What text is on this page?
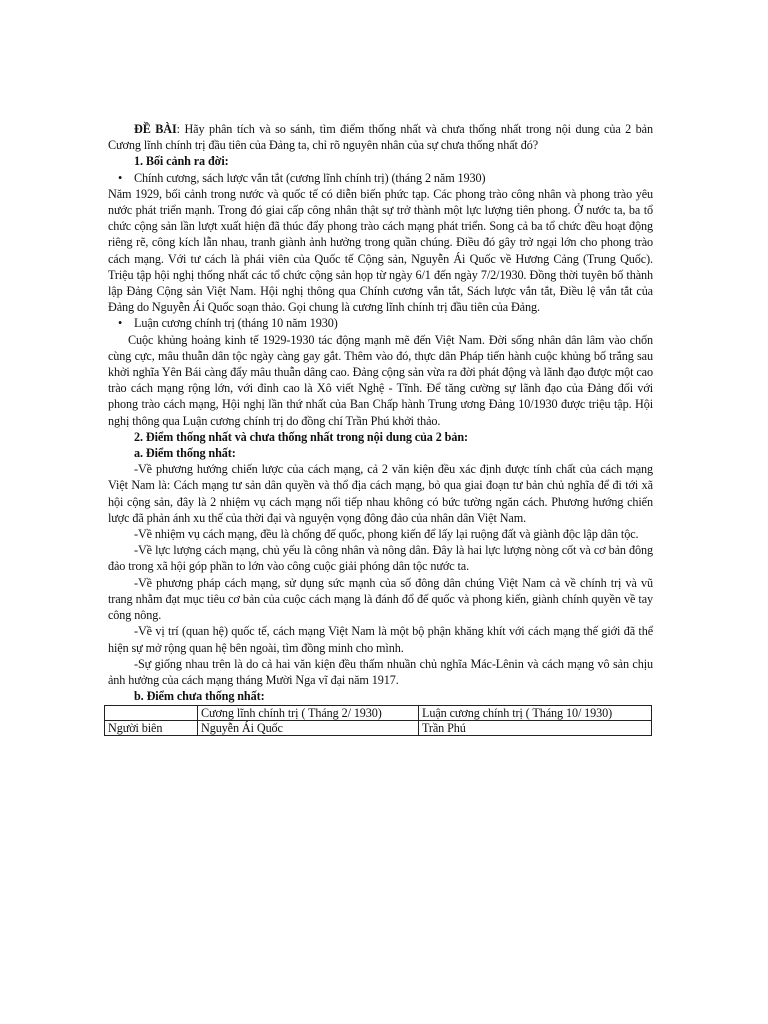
ĐỀ BÀI: Hãy phân tích và so sánh, tìm điểm thống nhất và chưa thống nhất trong nội dung của 2 bản Cương lĩnh chính trị đầu tiên của Đảng ta, chỉ rõ nguyên nhân của sự chưa thống nhất đó?

1. Bối cảnh ra đời:

• Chính cương, sách lược vắn tắt (cương lĩnh chính trị) (tháng 2 năm 1930)

Năm 1929, bối cảnh trong nước và quốc tế có diễn biến phức tạp. Các phong trào công nhân và phong trào yêu nước phát triển mạnh. Trong đó giai cấp công nhân thật sự trở thành một lực lượng tiên phong. Ở nước ta, ba tổ chức cộng sản lần lượt xuất hiện đã thúc đẩy phong trào cách mạng phát triển. Song cả ba tổ chức đều hoạt động riêng rẽ, công kích lẫn nhau, tranh giành ảnh hưởng trong quần chúng. Điều đó gây trở ngại lớn cho phong trào cách mạng. Với tư cách là phái viên của Quốc tế Cộng sản, Nguyễn Ái Quốc về Hương Cảng (Trung Quốc). Triệu tập hội nghị thống nhất các tổ chức cộng sản họp từ ngày 6/1 đến ngày 7/2/1930. Đồng thời tuyên bố thành lập Đảng Cộng sản Việt Nam. Hội nghị thông qua Chính cương vắn tắt, Sách lược vắn tắt, Điều lệ vắn tắt của Đảng do Nguyễn Ái Quốc soạn thảo. Gọi chung là cương lĩnh chính trị đầu tiên của Đảng.

• Luận cương chính trị (tháng 10 năm 1930)

Cuộc khủng hoảng kinh tế 1929-1930 tác động mạnh mẽ đến Việt Nam. Đời sống nhân dân lâm vào chốn cùng cực, mâu thuẫn dân tộc ngày càng gay gắt. Thêm vào đó, thực dân Pháp tiến hành cuộc khủng bố trắng sau khởi nghĩa Yên Bái càng đẩy mâu thuẫn dâng cao. Đảng cộng sản vừa ra đời phát động và lãnh đạo được một cao trào cách mạng rộng lớn, với đỉnh cao là Xô viết Nghệ - Tĩnh. Để tăng cường sự lãnh đạo của Đảng đối với phong trào cách mạng, Hội nghị lần thứ nhất của Ban Chấp hành Trung ương Đảng 10/1930 được triệu tập. Hội nghị thông qua Luận cương chính trị do đồng chí Trần Phú khởi thảo.

2. Điểm thống nhất và chưa thống nhất trong nội dung của 2 bản:

a. Điểm thống nhất:

-Về phương hướng chiến lược của cách mạng, cả 2 văn kiện đều xác định được tính chất của cách mạng Việt Nam là: Cách mạng tư sản dân quyền và thổ địa cách mạng, bỏ qua giai đoạn tư bản chủ nghĩa để đi tới xã hội cộng sản, đây là 2 nhiệm vụ cách mạng nối tiếp nhau không có bức tường ngăn cách. Phương hướng chiến lược đã phản ánh xu thế của thời đại và nguyện vọng đông đảo của nhân dân Việt Nam.

-Về nhiệm vụ cách mạng, đều là chống đế quốc, phong kiến để lấy lại ruộng đất và giành độc lập dân tộc.

-Về lực lượng cách mạng, chủ yếu là công nhân và nông dân. Đây là hai lực lượng nòng cốt và cơ bản đông đảo trong xã hội góp phần to lớn vào công cuộc giải phóng dân tộc nước ta.

-Về phương pháp cách mạng, sử dụng sức mạnh của số đông dân chúng Việt Nam cả về chính trị và vũ trang nhằm đạt mục tiêu cơ bản của cuộc cách mạng là đánh đổ đế quốc và phong kiến, giành chính quyền về tay công nông.

-Về vị trí (quan hệ) quốc tế, cách mạng Việt Nam là một bộ phận khăng khít với cách mạng thế giới đã thể hiện sự mở rộng quan hệ bên ngoài, tìm đồng minh cho mình.

-Sự giống nhau trên là do cả hai văn kiện đều thấm nhuần chủ nghĩa Mác-Lênin và cách mạng vô sản chịu ảnh hưởng của cách mạng tháng Mười Nga vĩ đại năm 1917.

b. Điểm chưa thống nhất:

	Cương lĩnh chính trị ( Tháng 2/ 1930)	Luận cương chính trị ( Tháng 10/ 1930)
Người biên	Nguyễn Ái Quốc	Trần Phú
